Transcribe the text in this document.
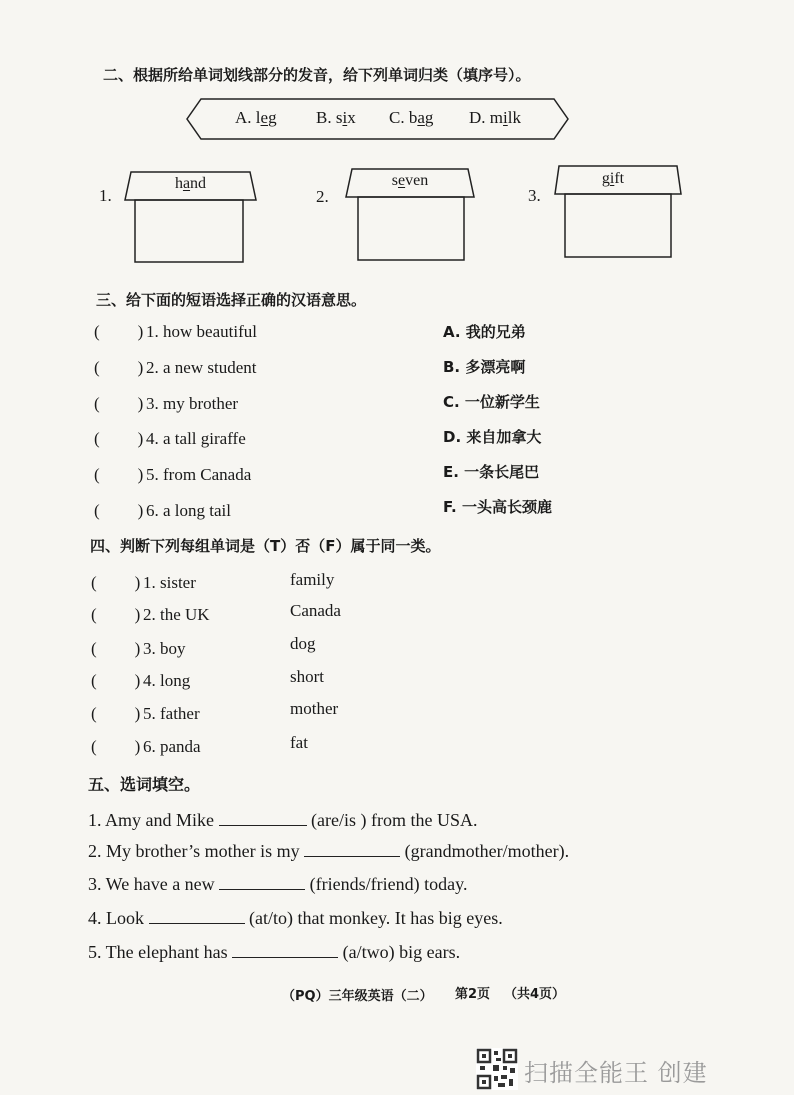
二、根据所给单词划线部分的发音，给下列单词归类（填序号）。
A. leg B. six C. bag D. milk
1.
hand
2.
seven
3.
gift
三、给下面的短语选择正确的汉语意思。
( ) 1. how beautiful
( ) 2. a new student
( ) 3. my brother
( ) 4. a tall giraffe
( ) 5. from Canada
( ) 6. a long tail
A. 我的兄弟
B. 多漂亮啊
C. 一位新学生
D. 来自加拿大
E. 一条长尾巴
F. 一头高长颈鹿
四、判断下列每组单词是（T）否（F）属于同一类。
( ) 1. sister	family
( ) 2. the UK	Canada
( ) 3. boy	dog
( ) 4. long	short
( ) 5. father	mother
( ) 6. panda	fat
五、选词填空。
1. Amy and Mike	(are/is ) from the USA.
2. My brother’s mother is my	(grandmother/mother).
3. We have a new	(friends/friend) today.
4. Look	(at/to) that monkey. It has big eyes.
5. The elephant has	(a/two) big ears.
（PQ）三年级英语（二） 第2页 （共4页）
扫描全能王 创建
